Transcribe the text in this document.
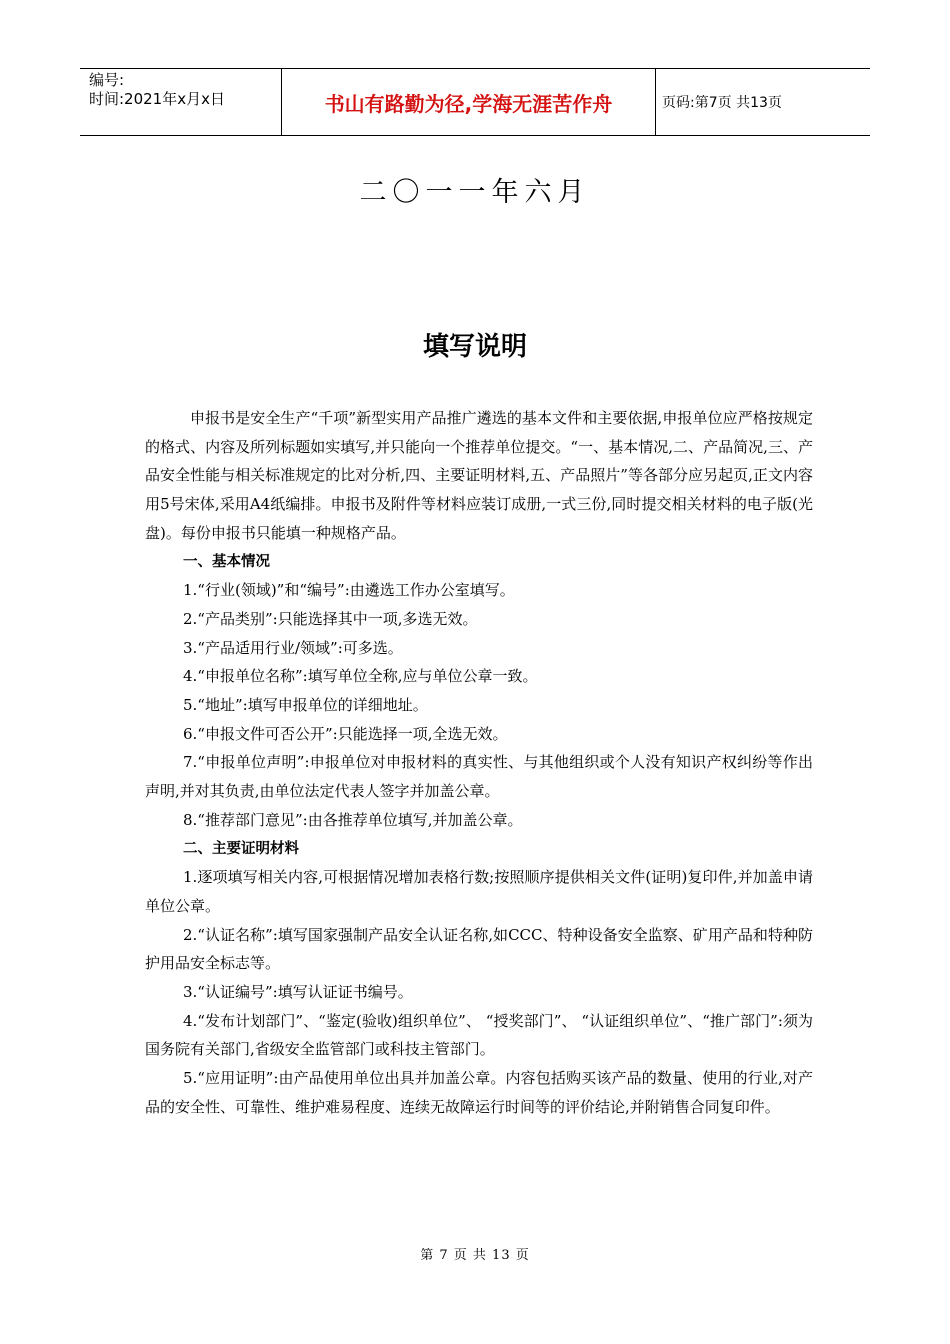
编号:
时间:2021年x月x日	书山有路勤为径,学海无涯苦作舟	页码:第7页 共13页
二〇一一年六月
填写说明

申报书是安全生产“千项”新型实用产品推广遴选的基本文件和主要依据,申报单位应严格按规定的格式、内容及所列标题如实填写,并只能向一个推荐单位提交。“一、基本情况,二、产品简况,三、产品安全性能与相关标准规定的比对分析,四、主要证明材料,五、产品照片”等各部分应另起页,正文内容用5号宋体,采用A4纸编排。申报书及附件等材料应装订成册,一式三份,同时提交相关材料的电子版(光盘)。每份申报书只能填一种规格产品。

一、基本情况

1.“行业(领域)”和“编号”:由遴选工作办公室填写。

2.“产品类别”:只能选择其中一项,多选无效。

3.“产品适用行业/领域”:可多选。

4.“申报单位名称”:填写单位全称,应与单位公章一致。

5.“地址”:填写申报单位的详细地址。

6.“申报文件可否公开”:只能选择一项,全选无效。

7.“申报单位声明”:申报单位对申报材料的真实性、与其他组织或个人没有知识产权纠纷等作出声明,并对其负责,由单位法定代表人签字并加盖公章。

8.“推荐部门意见”:由各推荐单位填写,并加盖公章。

二、主要证明材料

1.逐项填写相关内容,可根据情况增加表格行数;按照顺序提供相关文件(证明)复印件,并加盖申请单位公章。

2.“认证名称”:填写国家强制产品安全认证名称,如CCC、特种设备安全监察、矿用产品和特种防护用品安全标志等。

3.“认证编号”:填写认证证书编号。

4.“发布计划部门”、“鉴定(验收)组织单位”、 “授奖部门”、 “认证组织单位”、“推广部门”:须为国务院有关部门,省级安全监管部门或科技主管部门。

5.“应用证明”:由产品使用单位出具并加盖公章。内容包括购买该产品的数量、使用的行业,对产品的安全性、可靠性、维护难易程度、连续无故障运行时间等的评价结论,并附销售合同复印件。

第 7 页 共 13 页
